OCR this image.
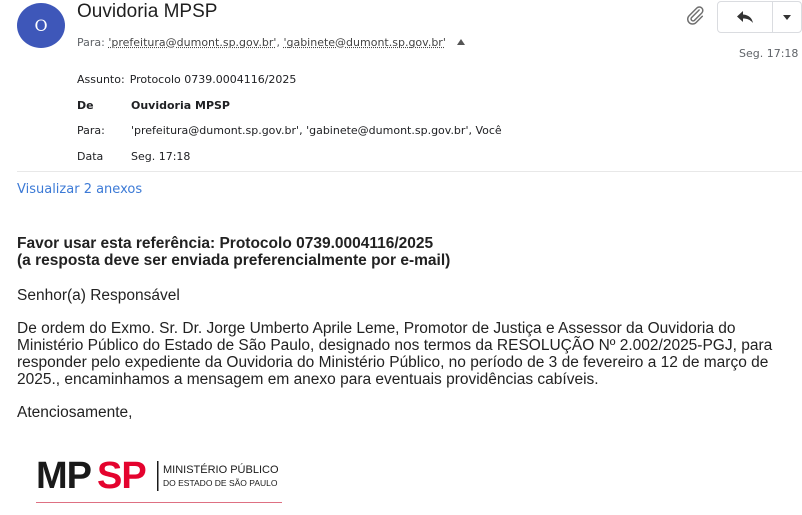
O
Ouvidoria MPSP
Para: 'prefeitura@dumont.sp.gov.br', 'gabinete@dumont.sp.gov.br'
Seg. 17:18
Assunto: Protocolo 0739.0004116/2025
De	Ouvidoria MPSP
Para:	'prefeitura@dumont.sp.gov.br', 'gabinete@dumont.sp.gov.br', Você
Data	Seg. 17:18
Visualizar 2 anexos

Favor usar esta referência: Protocolo 0739.0004116/2025

(a resposta deve ser enviada preferencialmente por e-mail)

Senhor(a) Responsável

De ordem do Exmo. Sr. Dr. Jorge Umberto Aprile Leme, Promotor de Justiça e Assessor da Ouvidoria do Ministério Público do Estado de São Paulo, designado nos termos da RESOLUÇÃO Nº 2.002/2025-PGJ, para responder pelo expediente da Ouvidoria do Ministério Público, no período de 3 de fevereiro a 12 de março de 2025., encaminhamos a mensagem em anexo para eventuais providências cabíveis.

Atenciosamente,

MP SP MINISTÉRIO PÚBLICO
DO ESTADO DE SÃO PAULO
